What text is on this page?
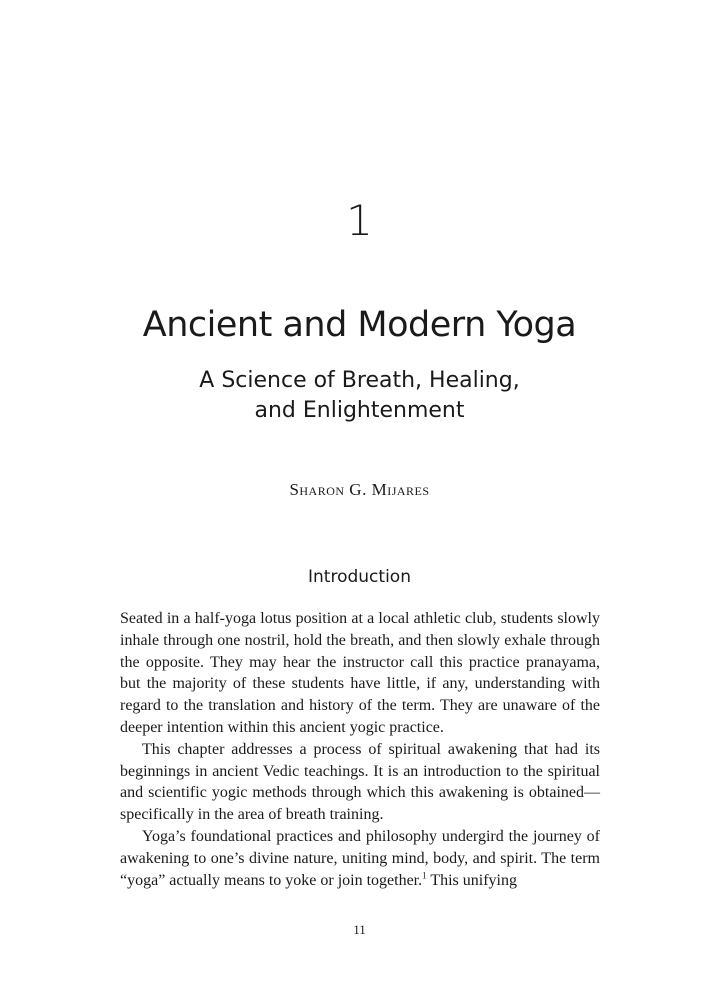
1
Ancient and Modern Yoga
A Science of Breath, Healing,
and Enlightenment
Sharon G. Mijares
Introduction

Seated in a half-yoga lotus position at a local athletic club, students slowly inhale through one nostril, hold the breath, and then slowly exhale through the opposite. They may hear the instructor call this practice pranayama, but the majority of these students have little, if any, understanding with regard to the translation and history of the term. They are unaware of the deeper intention within this ancient yogic practice.

This chapter addresses a process of spiritual awakening that had its beginnings in ancient Vedic teachings. It is an introduction to the spiritual and scientific yogic methods through which this awakening is obtained—specifically in the area of breath training.

Yoga’s foundational practices and philosophy undergird the journey of awakening to one’s divine nature, uniting mind, body, and spirit. The term “yoga” actually means to yoke or join together.$^1$ This unifying

11
